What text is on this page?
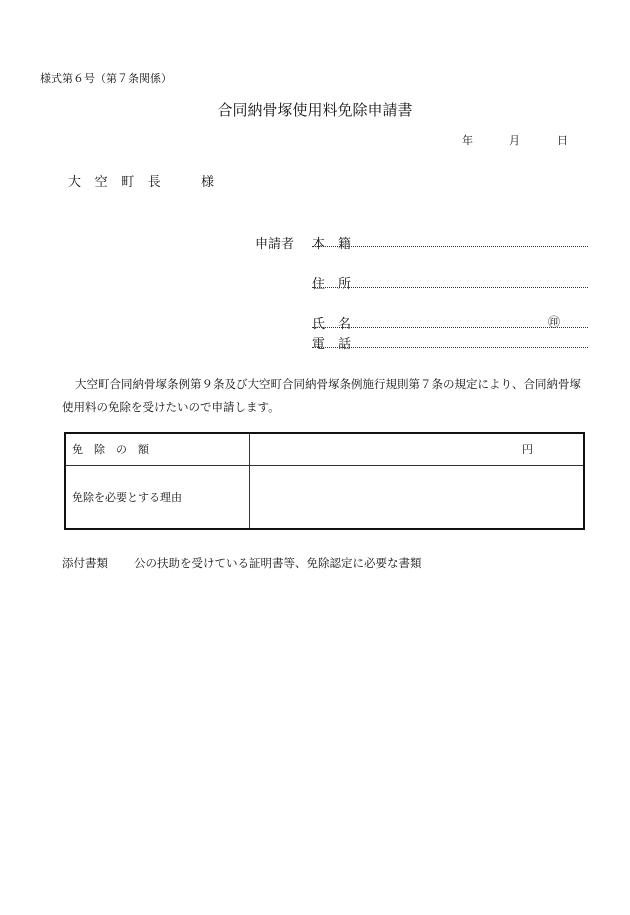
様式第６号（第７条関係）
合同納骨塚使用料免除申請書
年	月	日
大　空　町　長　　　様
申請者 本　籍
住　所
氏　名	㊞
電　話

大空町合同納骨塚条例第９条及び大空町合同納骨塚条例施行規則第７条の規定により、合同納骨塚

使用料の免除を受けたいので申請します。

免　除　の　額	円
免除を必要とする理由	
添付書類 公の扶助を受けている証明書等、免除認定に必要な書類
